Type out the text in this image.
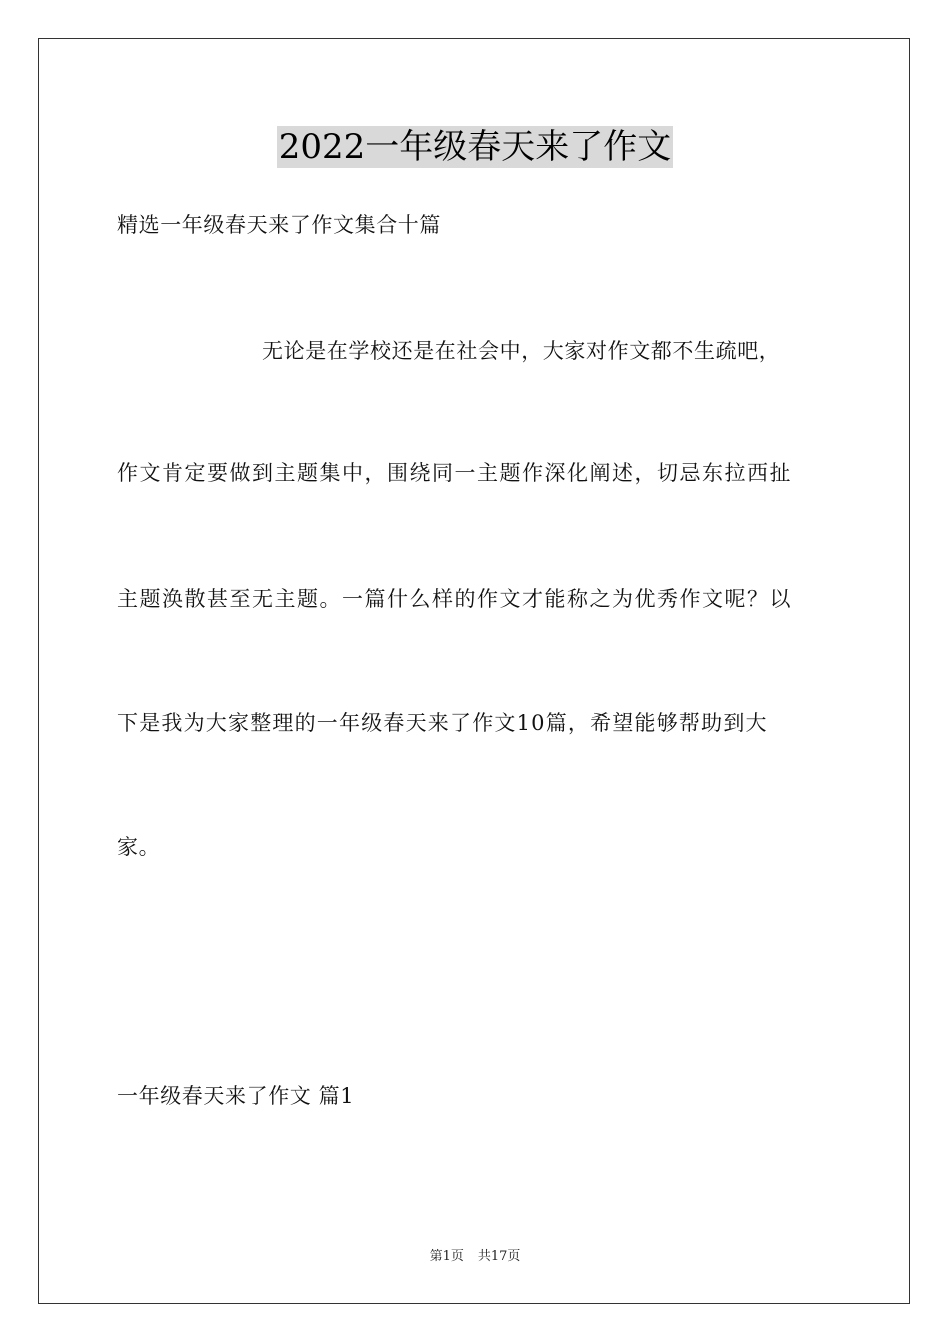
2022一年级春天来了作文
精选一年级春天来了作文集合十篇
无论是在学校还是在社会中，大家对作文都不生疏吧，
作文肯定要做到主题集中，围绕同一主题作深化阐述，切忌东拉西扯
主题涣散甚至无主题。一篇什么样的作文才能称之为优秀作文呢？以
下是我为大家整理的一年级春天来了作文10篇，希望能够帮助到大
家。
一年级春天来了作文 篇1
第1页 共17页
